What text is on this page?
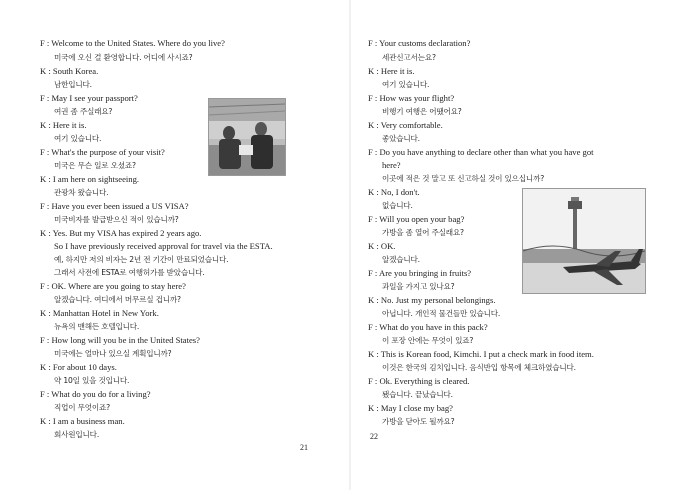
21
F : Welcome to the United States. Where do you live?
미국에 오신 걸 환영합니다. 어디에 사시죠?
K : South Korea.
남한입니다.
F : May I see your passport?
여권 좀 주실래요?
K : Here it is.
여기 있습니다.
F : What's the purpose of your visit?
미국은 무슨 일로 오셨죠?
K : I am here on sightseeing.
관광차 왔습니다.
F : Have you ever been issued a US VISA?
미국비자를 발급받으신 적이 있습니까?
K : Yes. But my VISA has expired 2 years ago.
So I have previously received approval for travel via the ESTA.
예, 하지만 저의 비자는 2년 전 기간이 만료되었습니다.
그래서 사전에 ESTA로 여행허가를 받았습니다.
F : OK. Where are you going to stay here?
알겠습니다. 여디에서 머무르실 겁니까?
K : Manhattan Hotel in New York.
뉴욕의 맨해든 호텔입니다.
F : How long will you be in the United States?
미국에는 얼마나 있으실 계획입니까?
K : For about 10 days.
약 10일 있을 것입니다.
F : What do you do for a living?
직업이 무엇이죠?
K : I am a business man.
회사원입니다.	22
F : Your customs declaration?
세관신고서는요?
K : Here it is.
여기 있습니다.
F : How was your flight?
비행기 여행은 어땠어요?
K : Very comfortable.
좋았습니다.
F : Do you have anything to declare other than what you have got
here?
이곳에 적은 것 말고 또 신고하실 것이 있으십니까?
K : No, I don't.
없습니다.
F : Will you open your bag?
가방을 좀 열어 주실래요?
K : OK.
알겠습니다.
F : Are you bringing in fruits?
과일을 가지고 있나요?
K : No. Just my personal belongings.
아닙니다. 개인적 물건들만 있습니다.
F : What do you have in this pack?
이 포장 안에는 무엇이 있죠?
K : This is Korean food, Kimchi. I put a check mark in food item.
이것은 한국의 김치입니다. 음식반입 항목에 체크하였습니다.
F : Ok. Everything is cleared.
됐습니다. 끝났습니다.
K : May I close my bag?
가방을 닫아도 될까요?
